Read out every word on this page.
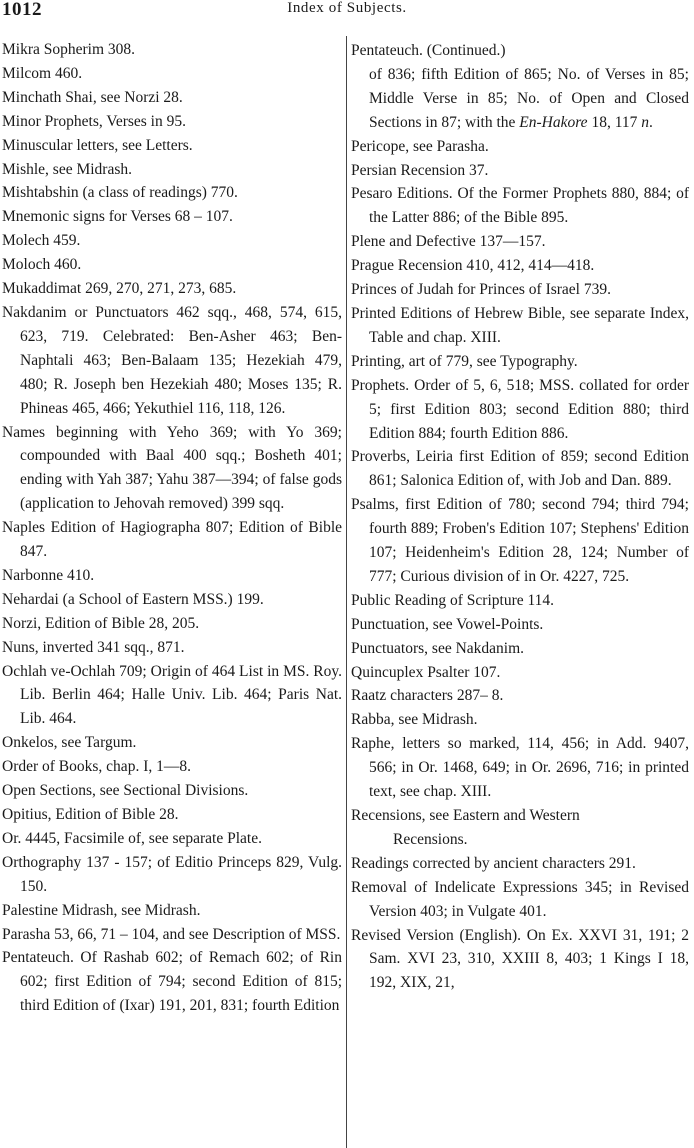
1012	Index of Subjects.

Mikra Sopherim 308.

Milcom 460.

Minchath Shai, see Norzi 28.

Minor Prophets, Verses in 95.

Minuscular letters, see Letters.

Mishle, see Midrash.

Mishtabshin (a class of readings) 770.

Mnemonic signs for Verses 68 – 107.

Molech 459.

Moloch 460.

Mukaddimat 269, 270, 271, 273, 685.

Nakdanim or Punctuators 462 sqq., 468, 574, 615, 623, 719. Celebrated: Ben-Asher 463; Ben-Naphtali 463; Ben-Balaam 135; Hezekiah 479, 480; R. Joseph ben Hezekiah 480; Moses 135; R. Phineas 465, 466; Yekuthiel 116, 118, 126.

Names beginning with Yeho 369; with Yo 369; compounded with Baal 400 sqq.; Bosheth 401; ending with Yah 387; Yahu 387—394; of false gods (application to Jehovah removed) 399 sqq.

Naples Edition of Hagiographa 807; Edition of Bible 847.

Narbonne 410.

Nehardai (a School of Eastern MSS.) 199.

Norzi, Edition of Bible 28, 205.

Nuns, inverted 341 sqq., 871.

Ochlah ve-Ochlah 709; Origin of 464 List in MS. Roy. Lib. Berlin 464; Halle Univ. Lib. 464; Paris Nat. Lib. 464.

Onkelos, see Targum.

Order of Books, chap. I, 1—8.

Open Sections, see Sectional Divisions.

Opitius, Edition of Bible 28.

Or. 4445, Facsimile of, see separate Plate.

Orthography 137 - 157; of Editio Princeps 829, Vulg. 150.

Palestine Midrash, see Midrash.

Parasha 53, 66, 71 – 104, and see Description of MSS.

Pentateuch. Of Rashab 602; of Remach 602; of Rin 602; first Edition of 794; second Edition of 815; third Edition of (Ixar) 191, 201, 831; fourth Edition

Pentateuch. (Continued.)

of 836; fifth Edition of 865; No. of Verses in 85; Middle Verse in 85; No. of Open and Closed Sections in 87; with the En-Hakore 18, 117 n.

Pericope, see Parasha.

Persian Recension 37.

Pesaro Editions. Of the Former Prophets 880, 884; of the Latter 886; of the Bible 895.

Plene and Defective 137—157.

Prague Recension 410, 412, 414—418.

Princes of Judah for Princes of Israel 739.

Printed Editions of Hebrew Bible, see separate Index, Table and chap. XIII.

Printing, art of 779, see Typography.

Prophets. Order of 5, 6, 518; MSS. collated for order 5; first Edition 803; second Edition 880; third Edition 884; fourth Edition 886.

Proverbs, Leiria first Edition of 859; second Edition 861; Salonica Edition of, with Job and Dan. 889.

Psalms, first Edition of 780; second 794; third 794; fourth 889; Froben's Edition 107; Stephens' Edition 107; Heidenheim's Edition 28, 124; Number of 777; Curious division of in Or. 4227, 725.

Public Reading of Scripture 114.

Punctuation, see Vowel-Points.

Punctuators, see Nakdanim.

Quincuplex Psalter 107.

Raatz characters 287– 8.

Rabba, see Midrash.

Raphe, letters so marked, 114, 456; in Add. 9407, 566; in Or. 1468, 649; in Or. 2696, 716; in printed text, see chap. XIII.

Recensions, see Eastern and Western
Recensions.

Readings corrected by ancient characters 291.

Removal of Indelicate Expressions 345; in Revised Version 403; in Vulgate 401.

Revised Version (English). On Ex. XXVI 31, 191; 2 Sam. XVI 23, 310, XXIII 8, 403; 1 Kings I 18, 192, XIX, 21,
